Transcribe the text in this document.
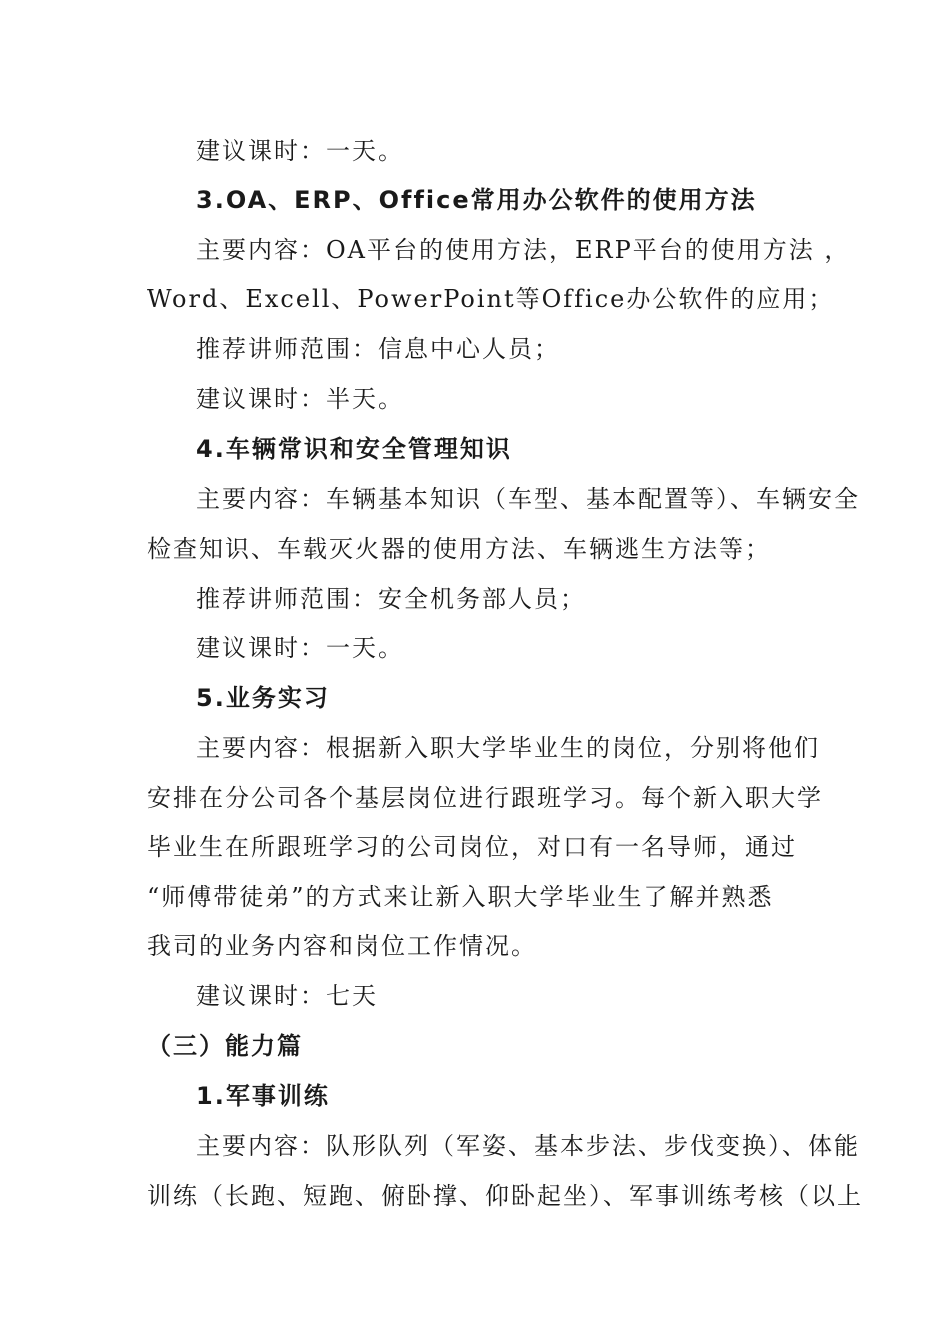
建议课时：一天。
3.OA、ERP、Office常用办公软件的使用方法
主要内容：OA平台的使用方法，ERP平台的使用方法 ，
Word、Excell、PowerPoint等Office办公软件的应用；
推荐讲师范围：信息中心人员；
建议课时：半天。
4.车辆常识和安全管理知识
主要内容：车辆基本知识（车型、基本配置等）、车辆安全
检查知识、车载灭火器的使用方法、车辆逃生方法等；
推荐讲师范围：安全机务部人员；
建议课时：一天。
5.业务实习
主要内容：根据新入职大学毕业生的岗位，分别将他们
安排在分公司各个基层岗位进行跟班学习。每个新入职大学
毕业生在所跟班学习的公司岗位，对口有一名导师，通过
“师傅带徒弟”的方式来让新入职大学毕业生了解并熟悉
我司的业务内容和岗位工作情况。
建议课时：七天
（三）能力篇
1.军事训练
主要内容：队形队列（军姿、基本步法、步伐变换）、体能
训练（长跑、短跑、俯卧撑、仰卧起坐）、军事训练考核（以上
